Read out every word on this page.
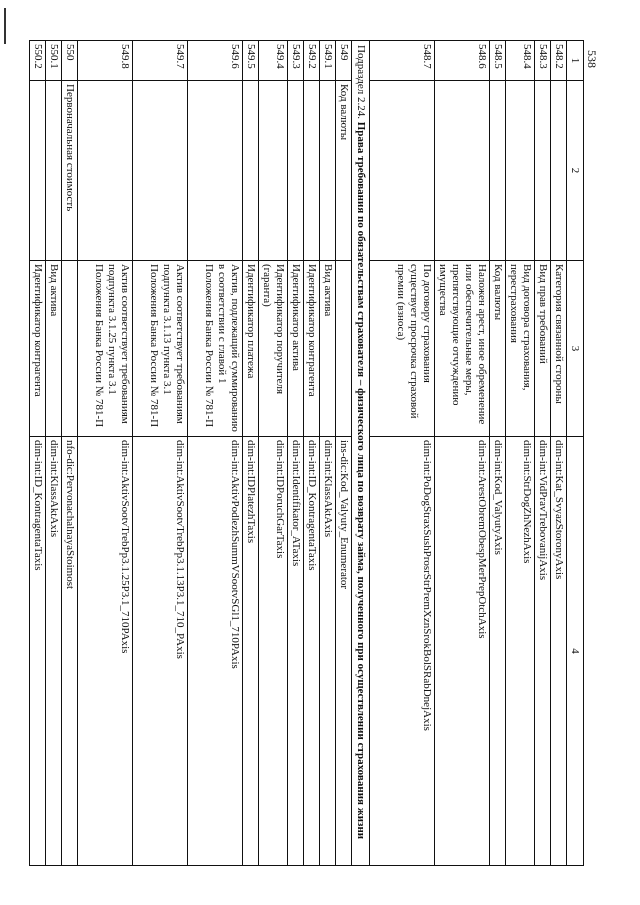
538
1	2	3	4
548.2		Категория связанной стороны	dim-int:Kat_SvyazStoronyAxis
548.3		Вид прав требований	dim-int:VidPravTrebovanijAxis
548.4		Вид договора страхования, перестрахования	dim-int:StrDogZhNezhAxis
548.5		Код валюты	dim-int:Kod_ValyutyAxis
548.6		Наложен арест, иное обременение или обеспечительные меры, препятствующие отчуждению имущества	dim-int:ArestObremObespMerPrepOtchAxis
548.7		По договору страхования существует просрочка страховой премии (взноса)	dim-int:PoDogStraxSushProsrStrPremXznSrokBolSRabDnejAxis
Подраздел 2.24. Права требования по обязательствам страхователя – физического лица по возврату займа, полученного при осуществлении страхования жизни			
549	Код валюты		ins-dic:Kod_Valyuty_Enumerator
549.1		Вид актива	dim-int:KlassAktAxis
549.2		Идентификатор контрагента	dim-int:ID_KontragentaTaxis
549.3		Идентификатор актива	dim-int:Identifikator_ATaxis
549.4		Идентификатор поручителя (гаранта)	dim-int:IDPoruchGarTaxis
549.5		Идентификатор платежа	dim-int:IDPlatezhTaxis
549.6		Актив, подлежащий суммированию в соответствии с главой 1 Положения Банка России № 781-П	dim-int:AktivPodlezhSummVSootvSGl1_710PAxis
549.7		Актив соответствует требованиям подпункта 3.1.13 пункта 3.1 Положения Банка России № 781-П	dim-int:AktivSootvTrebPp3.1.13P3.1_710_PAxis
549.8		Актив соответствует требованиям подпункта 3.1.25 пункта 3.1 Положения Банка России № 781-П	dim-int:AktivSootvTrebPp3.1.25P3.1_710PAxis
550	Первоначальная стоимость		nfo-dic:PervonachalnayaStoimost
550.1		Вид актива	dim-int:KlassAktAxis
550.2		Идентификатор контрагента	dim-int:ID_KontragentaTaxis
